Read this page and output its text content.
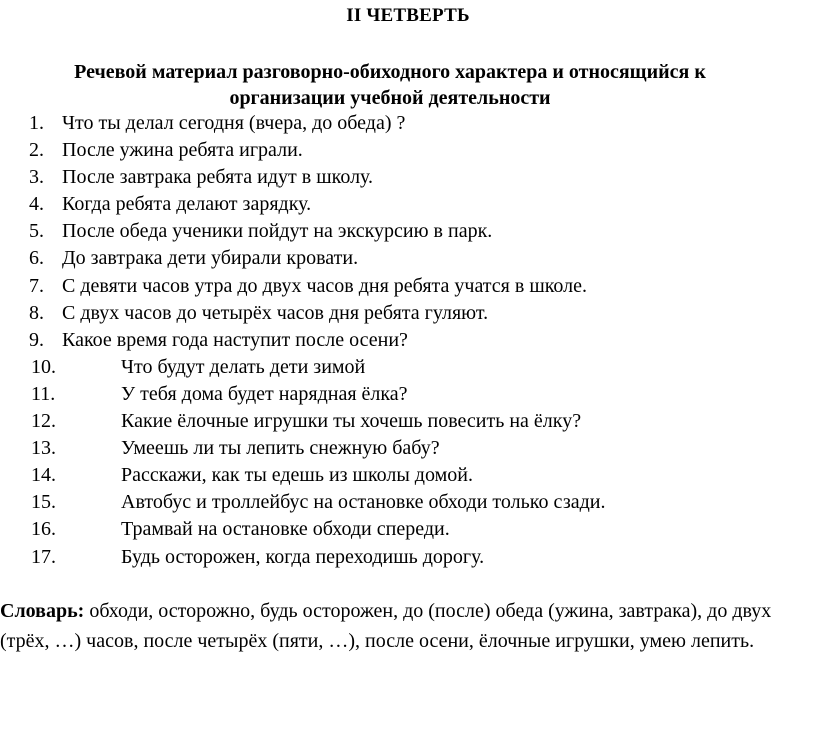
II ЧЕТВЕРТЬ
Речевой материал разговорно-обиходного характера и относящийся к
организации учебной деятельности
1. Что ты делал сегодня (вчера, до обеда) ?
2. После ужина ребята играли.
3. После завтрака ребята идут в школу.
4. Когда ребята делают зарядку.
5. После обеда ученики пойдут на экскурсию в парк.
6. До завтрака дети убирали кровати.
7. С девяти часов утра до двух часов дня ребята учатся в школе.
8. С двух часов до четырёх часов дня ребята гуляют.
9. Какое время года наступит после осени?
10.	Что будут делать дети зимой
11.	У тебя дома будет нарядная ёлка?
12.	Какие ёлочные игрушки ты хочешь повесить на ёлку?
13.	Умеешь ли ты лепить снежную бабу?
14.	Расскажи, как ты едешь из школы домой.
15.	Автобус и троллейбус на остановке обходи только сзади.
16.	Трамвай на остановке обходи спереди.
17.	Будь осторожен, когда переходишь дорогу.

Словарь: обходи, осторожно, будь осторожен, до (после) обеда (ужина, завтрака), до двух (трёх, …) часов, после четырёх (пяти, …), после осени, ёлочные игрушки, умею лепить.
